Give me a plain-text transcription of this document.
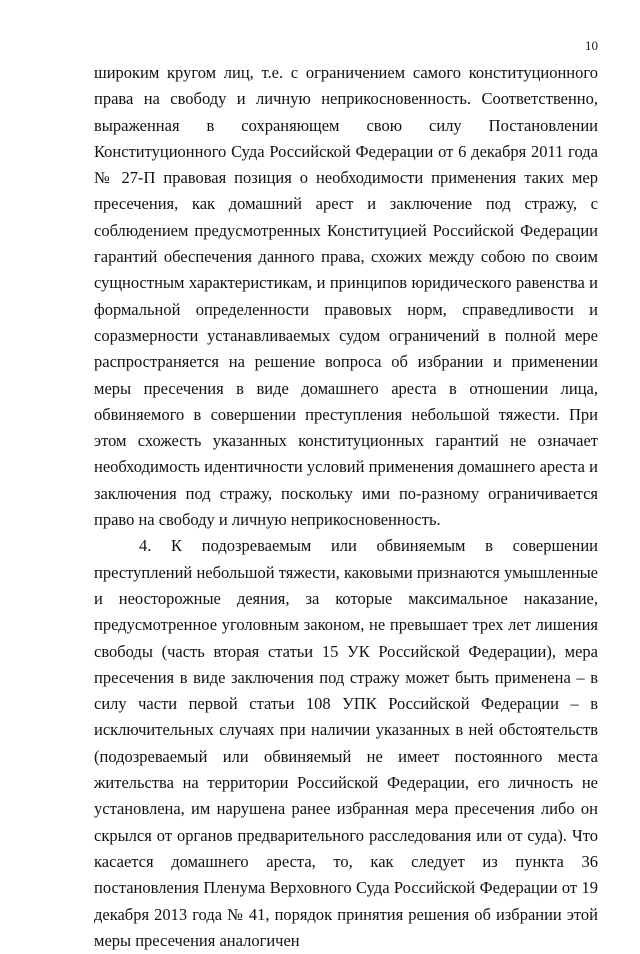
10

широким кругом лиц, т.е. с ограничением самого конституционного права на свободу и личную неприкосновенность. Соответственно, выраженная в сохраняющем свою силу Постановлении Конституционного Суда Российской Федерации от 6 декабря 2011 года № 27-П правовая позиция о необходимости применения таких мер пресечения, как домашний арест и заключение под стражу, с соблюдением предусмотренных Конституцией Российской Федерации гарантий обеспечения данного права, схожих между собою по своим сущностным характеристикам, и принципов юридического равенства и формальной определенности правовых норм, справедливости и соразмерности устанавливаемых судом ограничений в полной мере распространяется на решение вопроса об избрании и применении меры пресечения в виде домашнего ареста в отношении лица, обвиняемого в совершении преступления небольшой тяжести. При этом схожесть указанных конституционных гарантий не означает необходимость идентичности условий применения домашнего ареста и заключения под стражу, поскольку ими по-разному ограничивается право на свободу и личную неприкосновенность.

4. К подозреваемым или обвиняемым в совершении преступлений небольшой тяжести, каковыми признаются умышленные и неосторожные деяния, за которые максимальное наказание, предусмотренное уголовным законом, не превышает трех лет лишения свободы (часть вторая статьи 15 УК Российской Федерации), мера пресечения в виде заключения под стражу может быть применена – в силу части первой статьи 108 УПК Российской Федерации – в исключительных случаях при наличии указанных в ней обстоятельств (подозреваемый или обвиняемый не имеет постоянного места жительства на территории Российской Федерации, его личность не установлена, им нарушена ранее избранная мера пресечения либо он скрылся от органов предварительного расследования или от суда). Что касается домашнего ареста, то, как следует из пункта 36 постановления Пленума Верховного Суда Российской Федерации от 19 декабря 2013 года № 41, порядок принятия решения об избрании этой меры пресечения аналогичен
